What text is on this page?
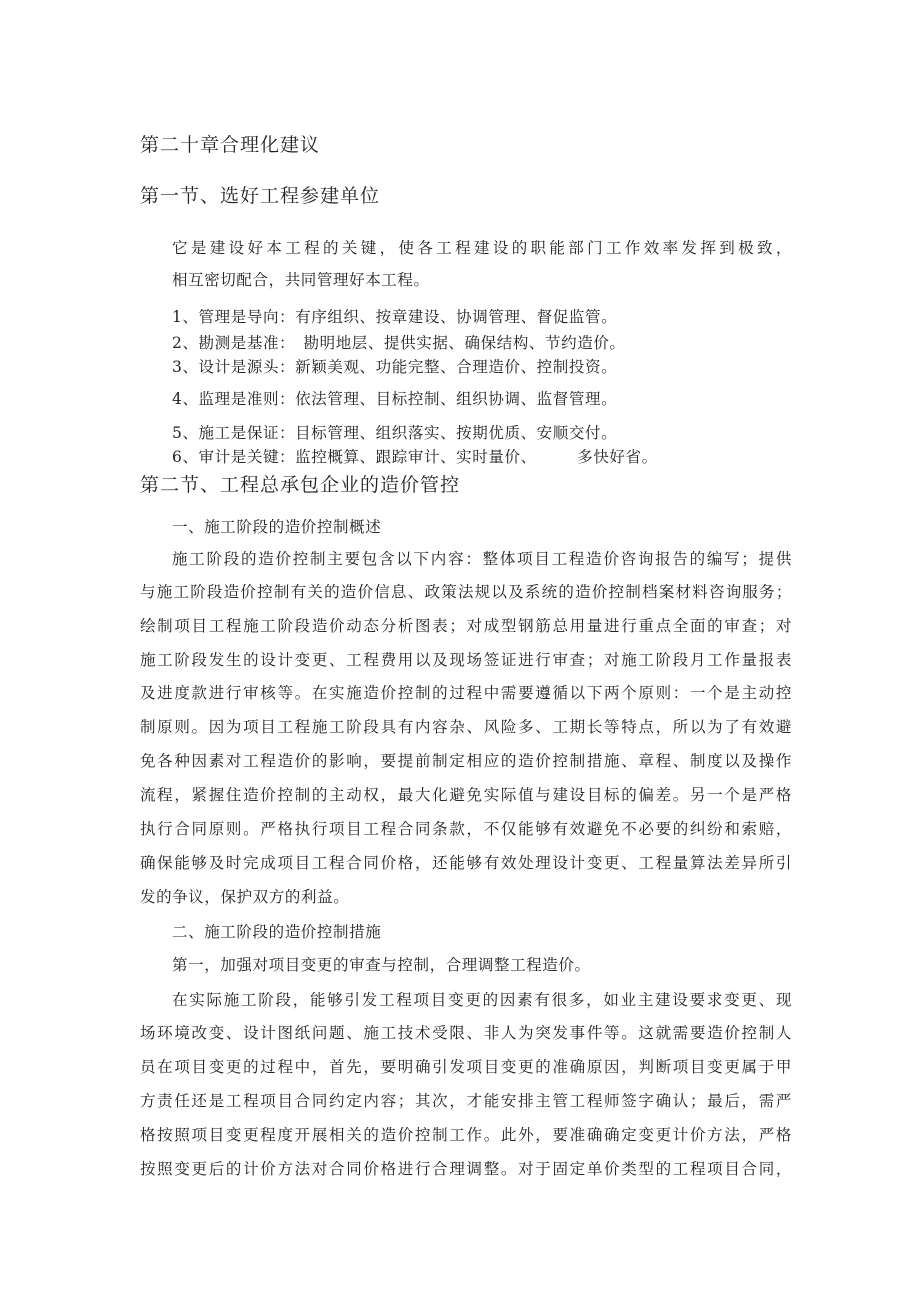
第二十章合理化建议
第一节、选好工程参建单位
它是建设好本工程的关键，使各工程建设的职能部门工作效率发挥到极致，
相互密切配合，共同管理好本工程。
1、管理是导向：有序组织、按章建设、协调管理、督促监管。
2、勘测是基准：　勘明地层、提供实据、确保结构、节约造价。
3、设计是源头：新颖美观、功能完整、合理造价、控制投资。
4、监理是准则：依法管理、目标控制、组织协调、监督管理。
5、施工是保证：目标管理、组织落实、按期优质、安顺交付。
6、审计是关键：监控概算、跟踪审计、实时量价、　　　多快好省。
第二节、工程总承包企业的造价管控
一、施工阶段的造价控制概述
施工阶段的造价控制主要包含以下内容：整体项目工程造价咨询报告的编写；提供
与施工阶段造价控制有关的造价信息、政策法规以及系统的造价控制档案材料咨询服务；
绘制项目工程施工阶段造价动态分析图表；对成型钢筋总用量进行重点全面的审查；对
施工阶段发生的设计变更、工程费用以及现场签证进行审查；对施工阶段月工作量报表
及进度款进行审核等。在实施造价控制的过程中需要遵循以下两个原则：一个是主动控
制原则。因为项目工程施工阶段具有内容杂、风险多、工期长等特点，所以为了有效避
免各种因素对工程造价的影响，要提前制定相应的造价控制措施、章程、制度以及操作
流程，紧握住造价控制的主动权，最大化避免实际值与建设目标的偏差。另一个是严格
执行合同原则。严格执行项目工程合同条款，不仅能够有效避免不必要的纠纷和索赔，
确保能够及时完成项目工程合同价格，还能够有效处理设计变更、工程量算法差异所引
发的争议，保护双方的利益。
二、施工阶段的造价控制措施
第一，加强对项目变更的审查与控制，合理调整工程造价。
在实际施工阶段，能够引发工程项目变更的因素有很多，如业主建设要求变更、现
场环境改变、设计图纸问题、施工技术受限、非人为突发事件等。这就需要造价控制人
员在项目变更的过程中，首先，要明确引发项目变更的准确原因，判断项目变更属于甲
方责任还是工程项目合同约定内容；其次，才能安排主管工程师签字确认；最后，需严
格按照项目变更程度开展相关的造价控制工作。此外，要准确确定变更计价方法，严格
按照变更后的计价方法对合同价格进行合理调整。对于固定单价类型的工程项目合同，
